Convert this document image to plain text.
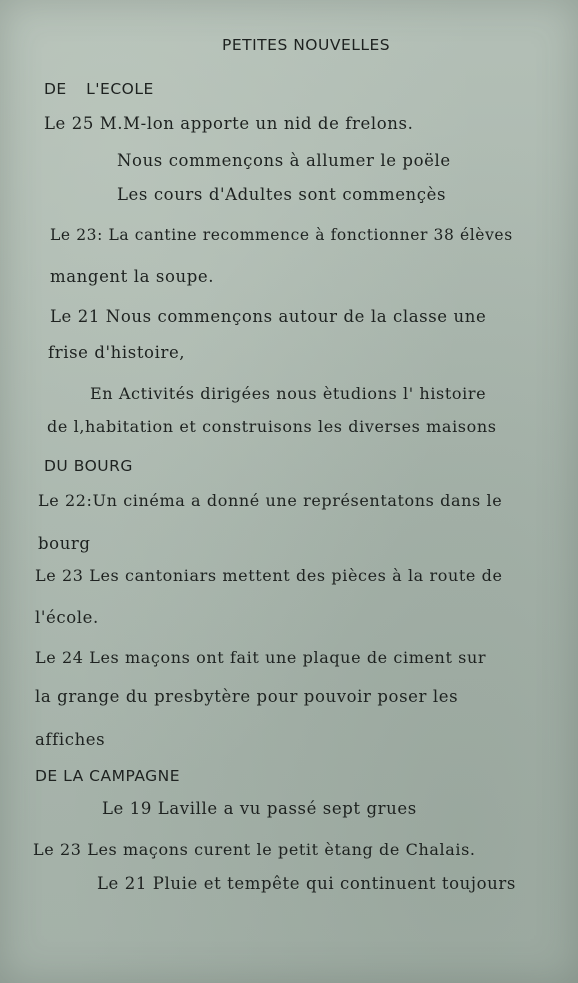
PETITES NOUVELLES
DE L'ECOLE
Le 25 M.M-lon apporte un nid de frelons.
Nous commençons à allumer le poële
Les cours d'Adultes sont commençès
Le 23: La cantine recommence à fonctionner 38 élèves
mangent la soupe.
Le 21 Nous commençons autour de la classe une
frise d'histoire,
En Activités dirigées nous ètudions l' histoire
de l,habitation et construisons les diverses maisons
DU BOURG
Le 22:Un cinéma a donné une représentatons dans le
bourg
Le 23 Les cantoniars mettent des pièces à la route de
l'école.
Le 24 Les maçons ont fait une plaque de ciment sur
la grange du presbytère pour pouvoir poser les
affiches
DE LA CAMPAGNE
Le 19 Laville a vu passé sept grues
Le 23 Les maçons curent le petit ètang de Chalais.
Le 21 Pluie et tempête qui continuent toujours
